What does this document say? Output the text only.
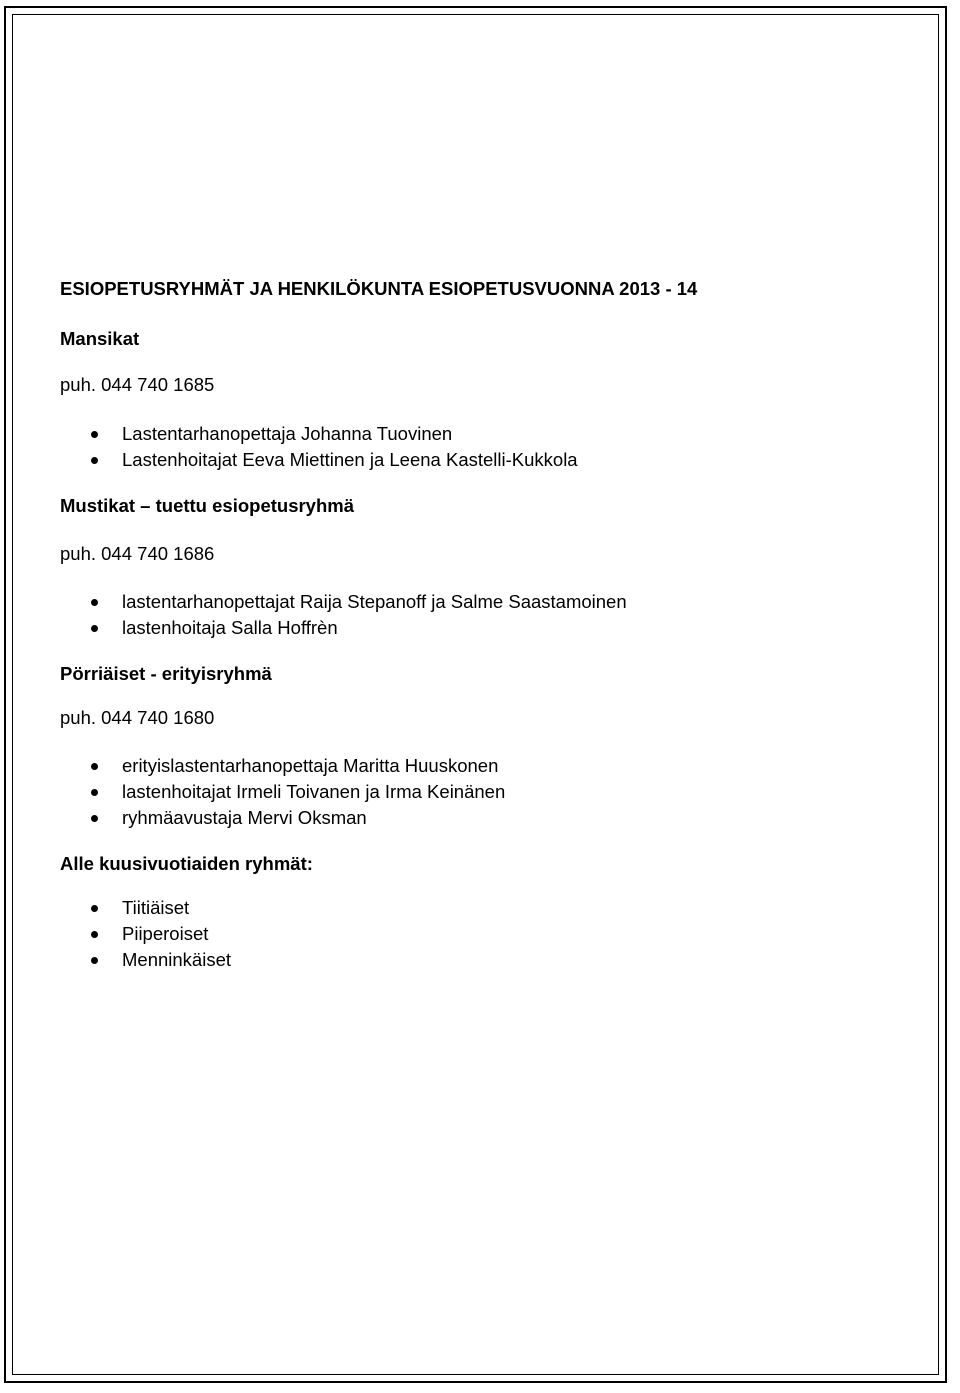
ESIOPETUSRYHMÄT JA HENKILÖKUNTA ESIOPETUSVUONNA 2013 - 14
Mansikat
puh. 044 740 1685
Lastentarhanopettaja Johanna Tuovinen
Lastenhoitajat Eeva Miettinen ja Leena Kastelli-Kukkola
Mustikat – tuettu esiopetusryhmä
puh. 044 740 1686
lastentarhanopettajat Raija Stepanoff ja Salme Saastamoinen
lastenhoitaja Salla Hoffrèn
Pörriäiset - erityisryhmä
puh. 044 740 1680
erityislastentarhanopettaja Maritta Huuskonen
lastenhoitajat Irmeli Toivanen ja Irma Keinänen
ryhmäavustaja Mervi Oksman
Alle kuusivuotiaiden ryhmät:
Tiitiäiset
Piiperoiset
Menninkäiset
